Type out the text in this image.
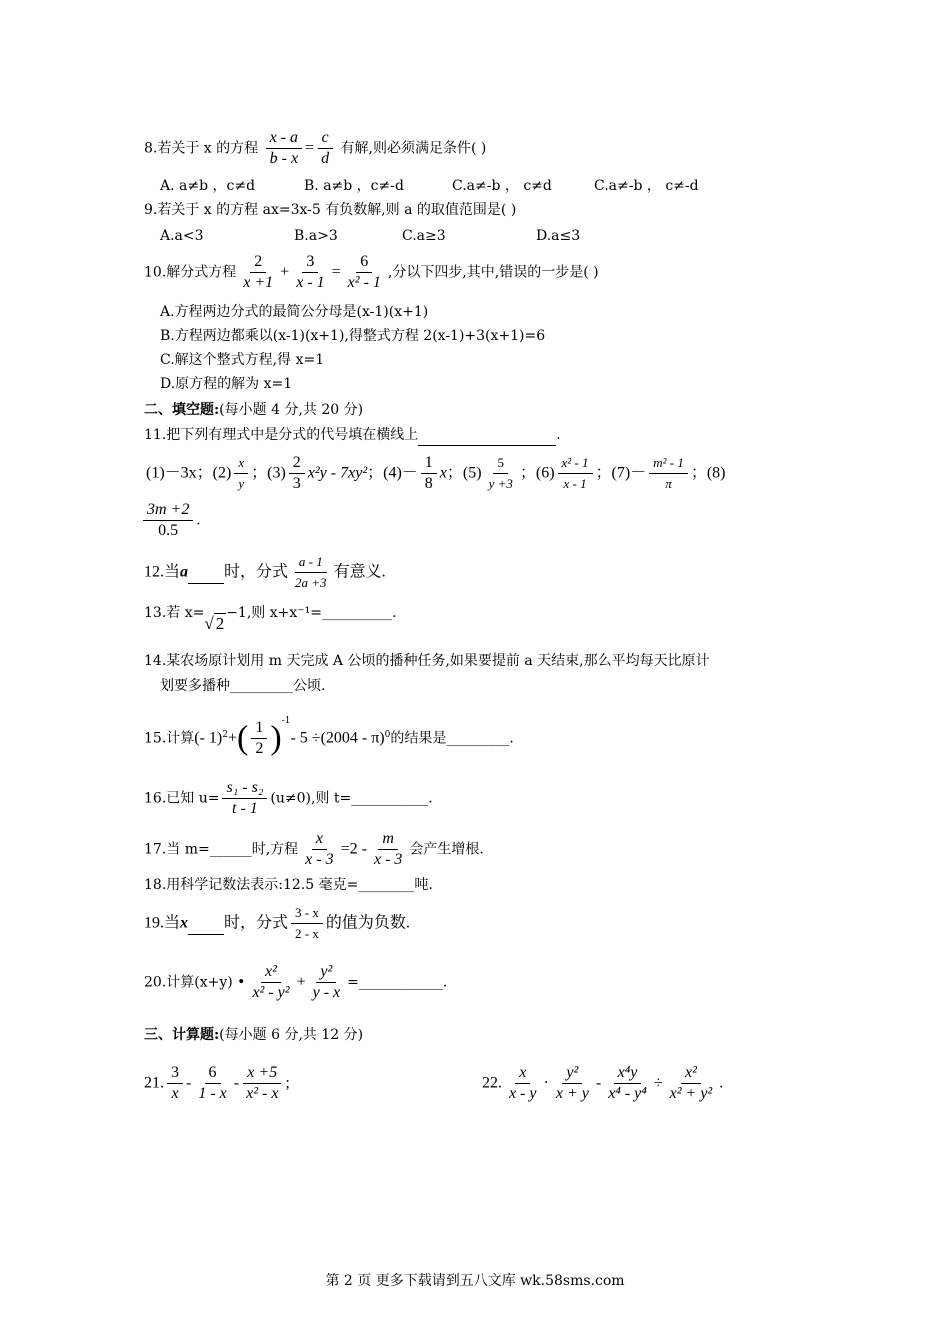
8.若关于 x 的方程 $\frac{x - a}{b - x} = \frac{c}{d}$ 有解,则必须满足条件( )
A. a≠b ，c≠d	B. a≠b ，c≠-d	C.a≠-b ， c≠d	C.a≠-b ， c≠-d
9.若关于 x 的方程 ax=3x-5 有负数解,则 a 的取值范围是( )
A.a<3	B.a>3	C.a≥3	D.a≤3
10.解分式方程 $\frac{2}{x +1} + \frac{3}{x - 1} = \frac{6}{\text{x² - 1}}$ ,分以下四步,其中,错误的一步是( )
A.方程两边分式的最简公分母是(x-1)(x+1)
B.方程两边都乘以(x-1)(x+1),得整式方程 2(x-1)+3(x+1)=6
C.解这个整式方程,得 x=1
D.原方程的解为 x=1
二、填空题:(每小题 4 分,共 20 分)
11.把下列有理式中是分式的代号填在横线上	.
(1)－3x；$(2) \frac{x}{y}$ ；$(3) \frac{2}{3} x^2y - 7xy^2$；$(4)- \frac{1}{8}$ x；$(5) \frac{5}{y +3}$ ；$(6) \frac{\text{x² - 1}}{x - 1}$ ；$(7)- \frac{\text{m² - 1}}{\pi}$ ；(8)
$\frac{3m +2}{0.5}$ .
12.当a 时，分式 $\frac{a - 1}{2a +3}$ 有意义.
13.若 x=√ 2−1,则 x+x⁻¹=__________.
14.某农场原计划用 m 天完成 A 公顷的播种任务,如果要提前 a 天结束,那么平均每天比原计
划要多播种_________公顷.
15.计算(- $1)^2+( \frac{1}{2} )^{-1}-$ 5 ÷(2004 - π)$^0$的结果是_________.
16.已知 $u= \frac{\text{s₁ - s₂}}{t - 1} (u\ne 0)$,则 t=___________.
17.当 m=______时,方程 $\frac{x}{x - 3} =2 - \frac{m}{x - 3}$ 会产生增根.
18.用科学记数法表示:12.5 毫克=________吨.
19.当x 时，分式 $\frac{3 - x}{2 - x}$ 的值为负数.
20.计算(x+y) • $\frac{\text{x²}}{\text{x² - y²}} + \frac{\text{y²}}{y - x}$ =____________.
三、计算题:(每小题 6 分,共 12 分)
21. $\frac{3}{x} - \frac{6}{1 - x} - \frac{x +5}{\text{x² - x}}$ ;	22. $\frac{x}{x - y} \cdot \frac{\text{y²}}{x + y} - \frac{\text{x⁴y}}{\text{x⁴ - y⁴}} \div \frac{\text{x²}}{\text{x² + y²}}$ .
第 2 页 更多下载请到五八文库 wk.58sms.com
